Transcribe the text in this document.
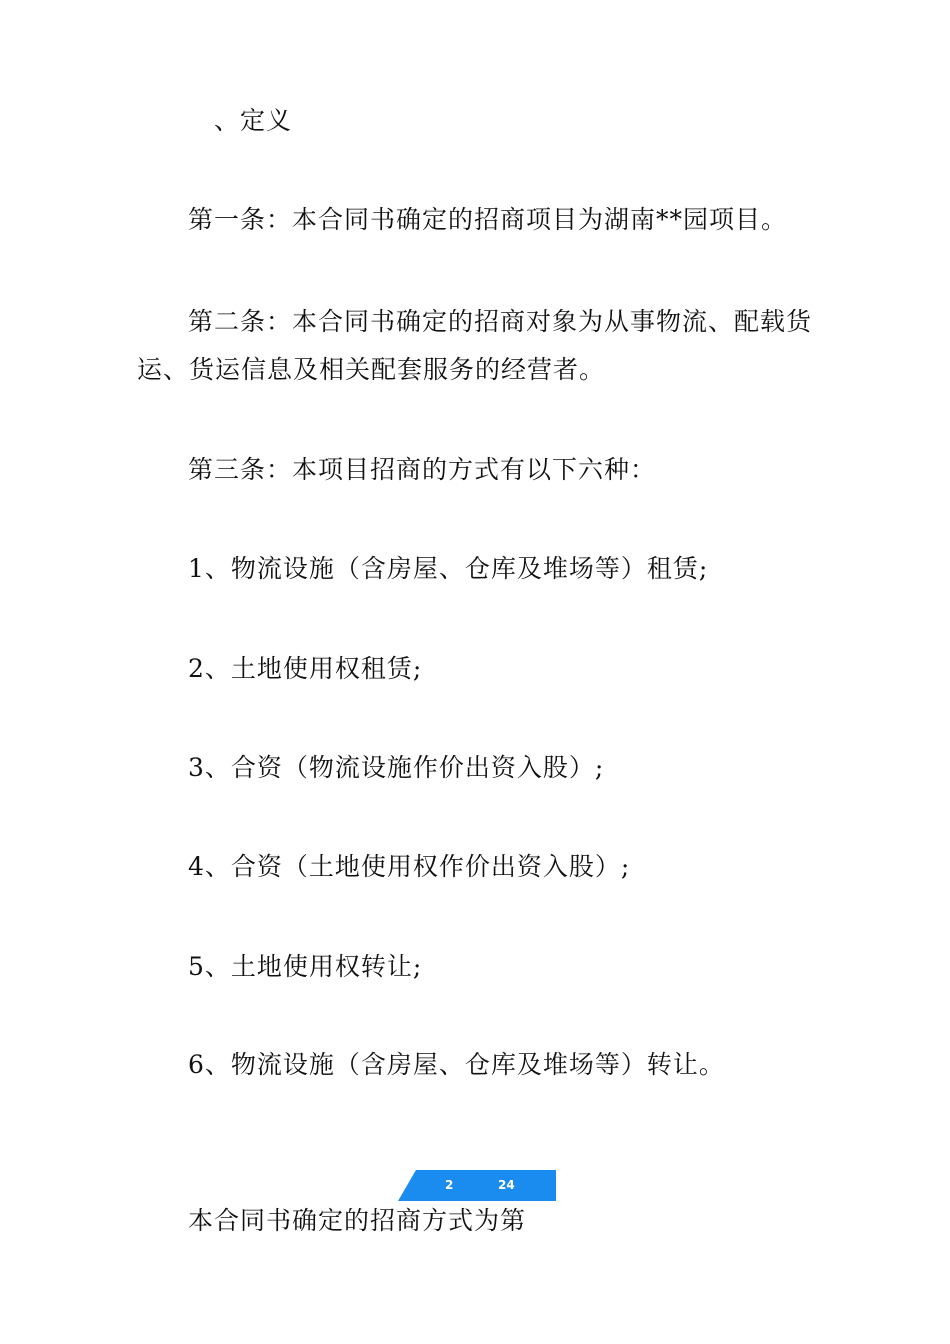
、定义
第一条：本合同书确定的招商项目为湖南**园项目。
第二条：本合同书确定的招商对象为从事物流、配载货
运、货运信息及相关配套服务的经营者。
第三条：本项目招商的方式有以下六种：
1、物流设施（含房屋、仓库及堆场等）租赁;
2、土地使用权租赁;
3、合资（物流设施作价出资入股）;
4、合资（土地使用权作价出资入股）;
5、土地使用权转让;
6、物流设施（含房屋、仓库及堆场等）转让。
2	24
本合同书确定的招商方式为第
